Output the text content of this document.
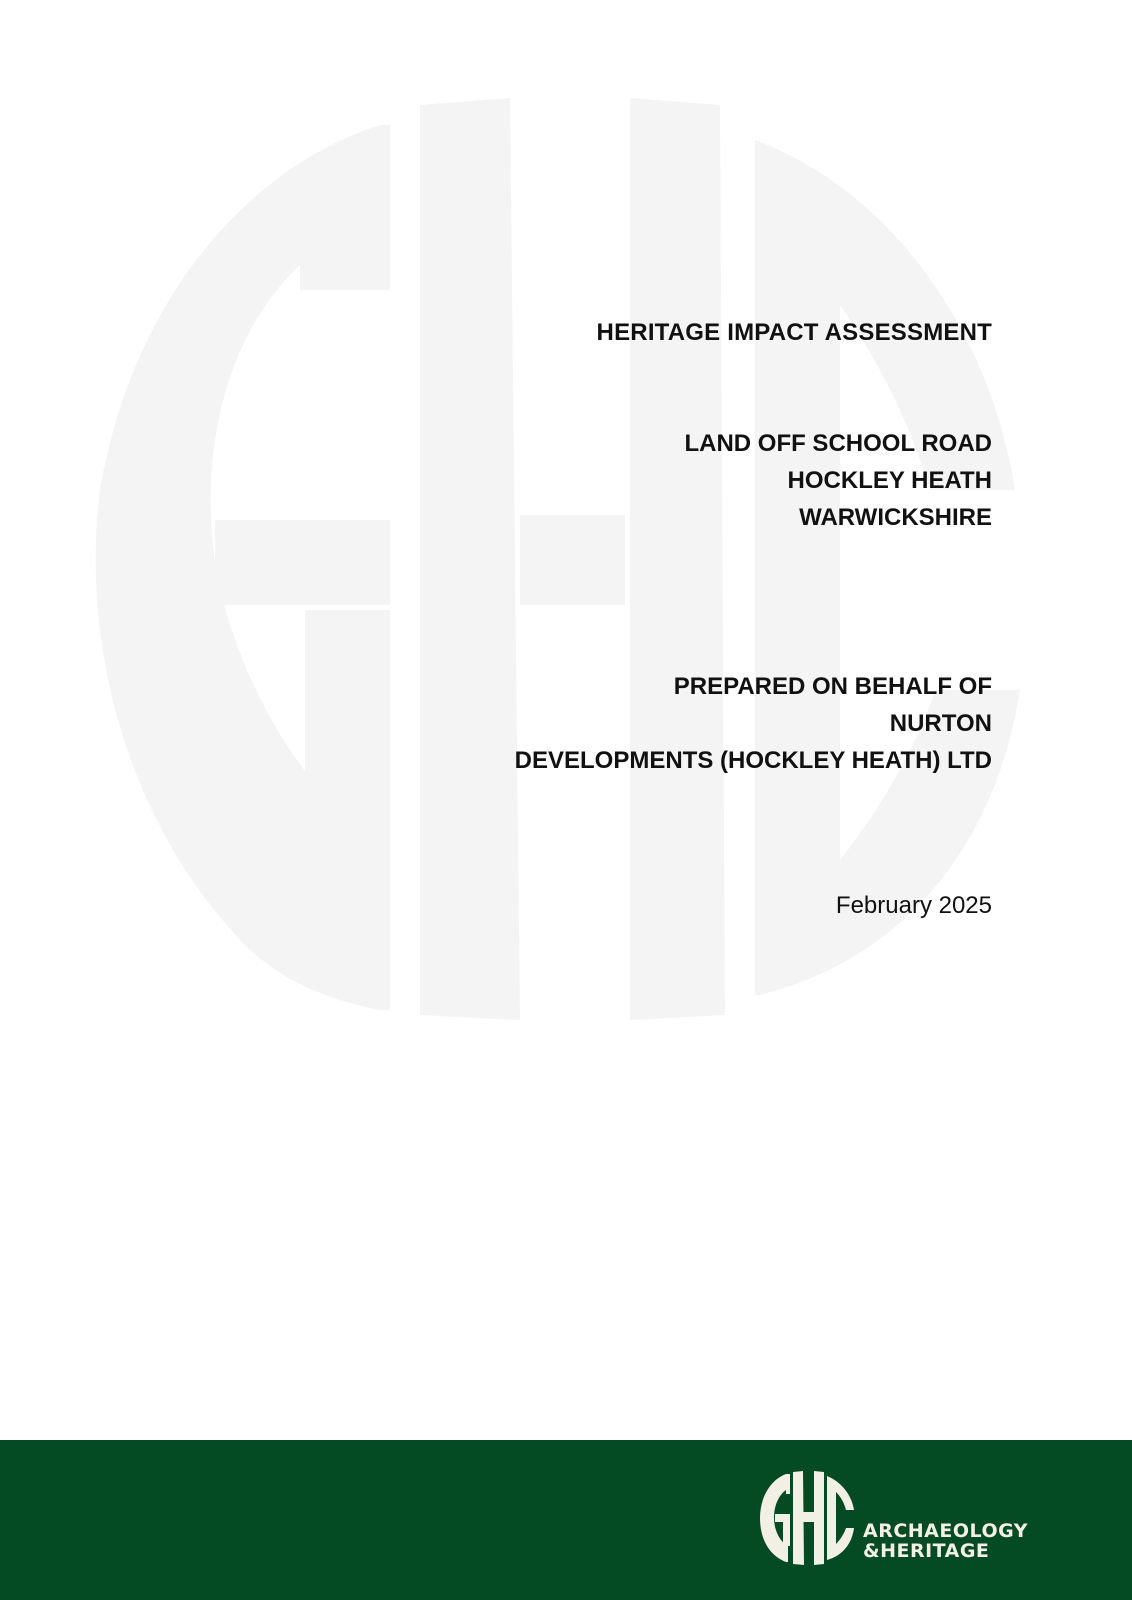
HERITAGE IMPACT ASSESSMENT
LAND OFF SCHOOL ROAD
HOCKLEY HEATH
WARWICKSHIRE
PREPARED ON BEHALF OF
NURTON
DEVELOPMENTS (HOCKLEY HEATH) LTD
February 2025
ARCHAEOLOGY
&HERITAGE
